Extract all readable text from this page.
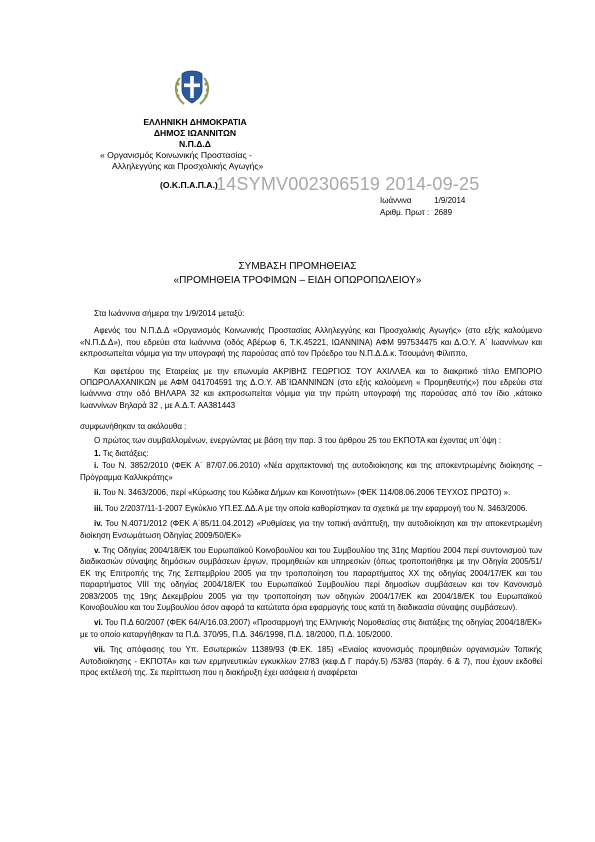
ΕΛΛΗΝΙΚΗ ΔΗΜΟΚΡΑΤΙΑ
ΔΗΜΟΣ ΙΩΑΝΝΙΤΩΝ
Ν.Π.Δ.Δ
« Οργανισμός Κοινωνικής Προστασίας -
Αλληλεγγύης και Προσχολικής Αγωγής»
(Ο.Κ.Π.Α.Π.Α.)
14SYMV002306519 2014-09-25
Ιωάννινα	1/9/2014
Αριθμ. Πρωτ : 2689
ΣΥΜΒΑΣΗ ΠΡΟΜΗΘΕΙΑΣ
«ΠΡΟΜΗΘΕΙΑ ΤΡΟΦΙΜΩΝ – ΕΙΔΗ ΟΠΩΡΟΠΩΛΕΙΟΥ»

Στα Ιωάννινα σήμερα την 1/9/2014 μεταξύ:

Αφενός του Ν.Π.Δ.Δ «Οργανισμός Κοινωνικής Προστασίας Αλληλεγγύης και Προσχολικής Αγωγής» (στο εξής καλούμενο «Ν.Π.Δ.Δ»), που εδρεύει στα Ιωάννινα (οδός Αβέρωφ 6, Τ.Κ.45221, ΙΩΑΝΝΙΝΑ) ΑΦΜ 997534475 και Δ.Ο.Υ. Α΄ Ιωαννίνων και εκπροσωπείται νόμιμα για την υπογραφή της παρούσας από τον Πρόεδρο του Ν.Π.Δ.Δ.κ. Τσουμάνη Φίλιππο,

Και αφετέρου της Εταιρείας με την επωνυμία ΑΚΡΙΒΗΣ ΓΕΩΡΓΙΟΣ ΤΟΥ ΑΧΙΛΛΕΑ και το διακριτικό τίτλο ΕΜΠΟΡΙΟ ΟΠΩΡΟΛΑΧΑΝΙΚΩΝ με ΑΦΜ 041704591 της Δ.Ο.Υ. ΑΒ΄ΙΩΑΝΝΙΝΩΝ (στο εξής καλούμενη « Προμηθευτής») που εδρεύει στα Ιωάννινα στην οδό ΒΗΛΑΡΑ 32 και εκπροσωπείται νόμιμα για την πρώτη υπογραφή της παρούσας από τον ίδιο ,κάτοικο Ιωαννίνων Βηλαρά 32 , με Α.Δ.Τ. ΑΑ381443

συμφωνήθηκαν τα ακόλουθα :

Ο πρώτος των συμβαλλομένων, ενεργώντας με βάση την παρ. 3 του άρθρου 25 του ΕΚΠΟΤΑ και έχοντας υπ΄όψη :

1. Τις διατάξεις:

i. Του Ν. 3852/2010 (ΦΕΚ Α΄ 87/07.06.2010) «Νέα αρχιτεκτονική της αυτοδιοίκησης και της αποκεντρωμένης διοίκησης – Πρόγραμμα Καλλικράτης»

ii. Του Ν. 3463/2006, περί «Κύρωσης του Κώδικα Δήμων και Κοινοτήτων» (ΦΕΚ 114/08.06.2006 ΤΕΥΧΟΣ ΠΡΩΤΟ) ».

iii. Του 2/2037/11-1-2007 Εγκύκλιο ΥΠ.ΕΣ.ΔΔ.Α με την οποία καθορίστηκαν τα σχετικά με την εφαρμογή του Ν. 3463/2006.

iv. Του Ν.4071/2012 (ΦΕΚ Α΄85/11.04.2012) «Ρυθμίσεις για την τοπική ανάπτυξη, την αυτοδιοίκηση και την αποκεντρωμένη διοίκηση Ενσωμάτωση Οδηγίας 2009/50/ΕΚ»

v. Της Οδηγίας 2004/18/ΕΚ του Ευρωπαϊκού Κοινοβουλίου και του Συμβουλίου της 31ης Μαρτίου 2004 περί συντονισμού των διαδικασιών σύναψης δημόσιων συμβάσεων έργων, προμηθειών και υπηρεσιών (όπως τροποποιήθηκε με την Οδηγία 2005/51/ΕΚ της Επιτροπής της 7ης Σεπτεμβρίου 2005 για την τροποποίηση του παραρτήματος ΧΧ της οδηγίας 2004/17/ΕΚ και του παραρτήματος VIII της οδηγίας 2004/18/ΕΚ του Ευρωπαϊκού Συμβουλίου περί δημοσίων συμβάσεων και τον Κανονισμό 2083/2005 της 19ης Δεκεμβρίου 2005 για την τροποποίηση των οδηγιών 2004/17/ΕΚ και 2004/18/ΕΚ του Ευρωπαϊκού Κοινοβουλίου και του Συμβουλίου όσον αφορά τα κατώτατα όρια εφαρμογής τους κατά τη διαδικασία σύναψης συμβάσεων).

vi. Του Π.Δ 60/2007 (ΦΕΚ 64/Α/16.03.2007) «Προσαρμογή της Ελληνικής Νομοθεσίας στις διατάξεις της οδηγίας 2004/18/ΕΚ» με το οποίο καταργήθηκαν τα Π.Δ. 370/95, Π.Δ. 346/1998, Π.Δ. 18/2000, Π.Δ. 105/2000.

vii. Της απόφασης του Υπ. Εσωτερικών 11389/93 (Φ.ΕΚ. 185) «Ενιαίος κανονισμός προμηθειών οργανισμών Τοπικής Αυτοδιοίκησης - ΕΚΠΟΤΑ» και των ερμηνευτικών εγκυκλίων 27/83 (κεφ.Δ Γ παράγ.5) /53/83 (παράγ. 6 & 7), που έχουν εκδοθεί προς εκτέλεσή της. Σε περίπτωση που η διακήρυξη έχει ασάφεια ή αναφέρεται
